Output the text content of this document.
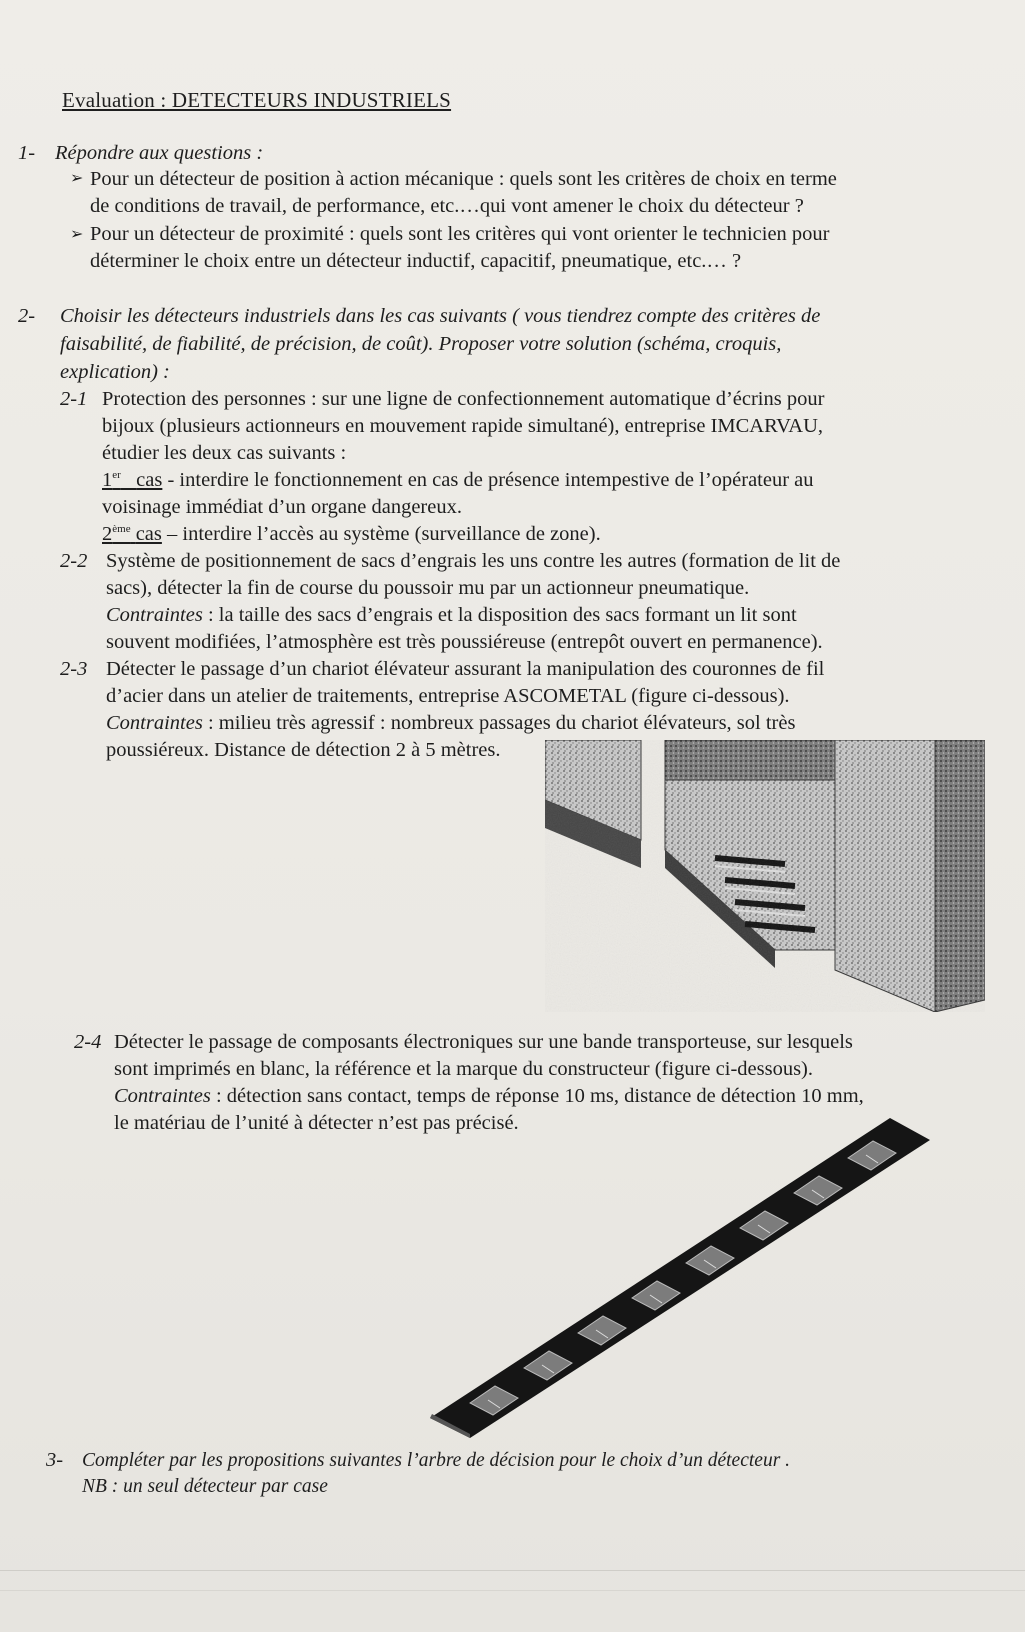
Evaluation : DETECTEURS INDUSTRIELS
1- Répondre aux questions :
➢ Pour un détecteur de position à action mécanique : quels sont les critères de choix en terme
de conditions de travail, de performance, etc.…qui vont amener le choix du détecteur ?
➢ Pour un détecteur de proximité : quels sont les critères qui vont orienter le technicien pour
déterminer le choix entre un détecteur inductif, capacitif, pneumatique, etc.… ?
2- Choisir les détecteurs industriels dans les cas suivants ( vous tiendrez compte des critères de
faisabilité, de fiabilité, de précision, de coût). Proposer votre solution (schéma, croquis,
explication) :
2-1 Protection des personnes : sur une ligne de confectionnement automatique d’écrins pour
bijoux (plusieurs actionneurs en mouvement rapide simultané), entreprise IMCARVAU,
étudier les deux cas suivants :
1er cas - interdire le fonctionnement en cas de présence intempestive de l’opérateur au
voisinage immédiat d’un organe dangereux.
2ème cas – interdire l’accès au système (surveillance de zone).
2-2 Système de positionnement de sacs d’engrais les uns contre les autres (formation de lit de
sacs), détecter la fin de course du poussoir mu par un actionneur pneumatique.
Contraintes : la taille des sacs d’engrais et la disposition des sacs formant un lit sont
souvent modifiées, l’atmosphère est très poussiéreuse (entrepôt ouvert en permanence).
2-3 Détecter le passage d’un chariot élévateur assurant la manipulation des couronnes de fil
d’acier dans un atelier de traitements, entreprise ASCOMETAL (figure ci-dessous).
Contraintes : milieu très agressif : nombreux passages du chariot élévateurs, sol très
poussiéreux. Distance de détection 2 à 5 mètres.
2-4 Détecter le passage de composants électroniques sur une bande transporteuse, sur lesquels
sont imprimés en blanc, la référence et la marque du constructeur (figure ci-dessous).
Contraintes : détection sans contact, temps de réponse 10 ms, distance de détection 10 mm,
le matériau de l’unité à détecter n’est pas précisé.
3- Compléter par les propositions suivantes l’arbre de décision pour le choix d’un détecteur .
NB : un seul détecteur par case
